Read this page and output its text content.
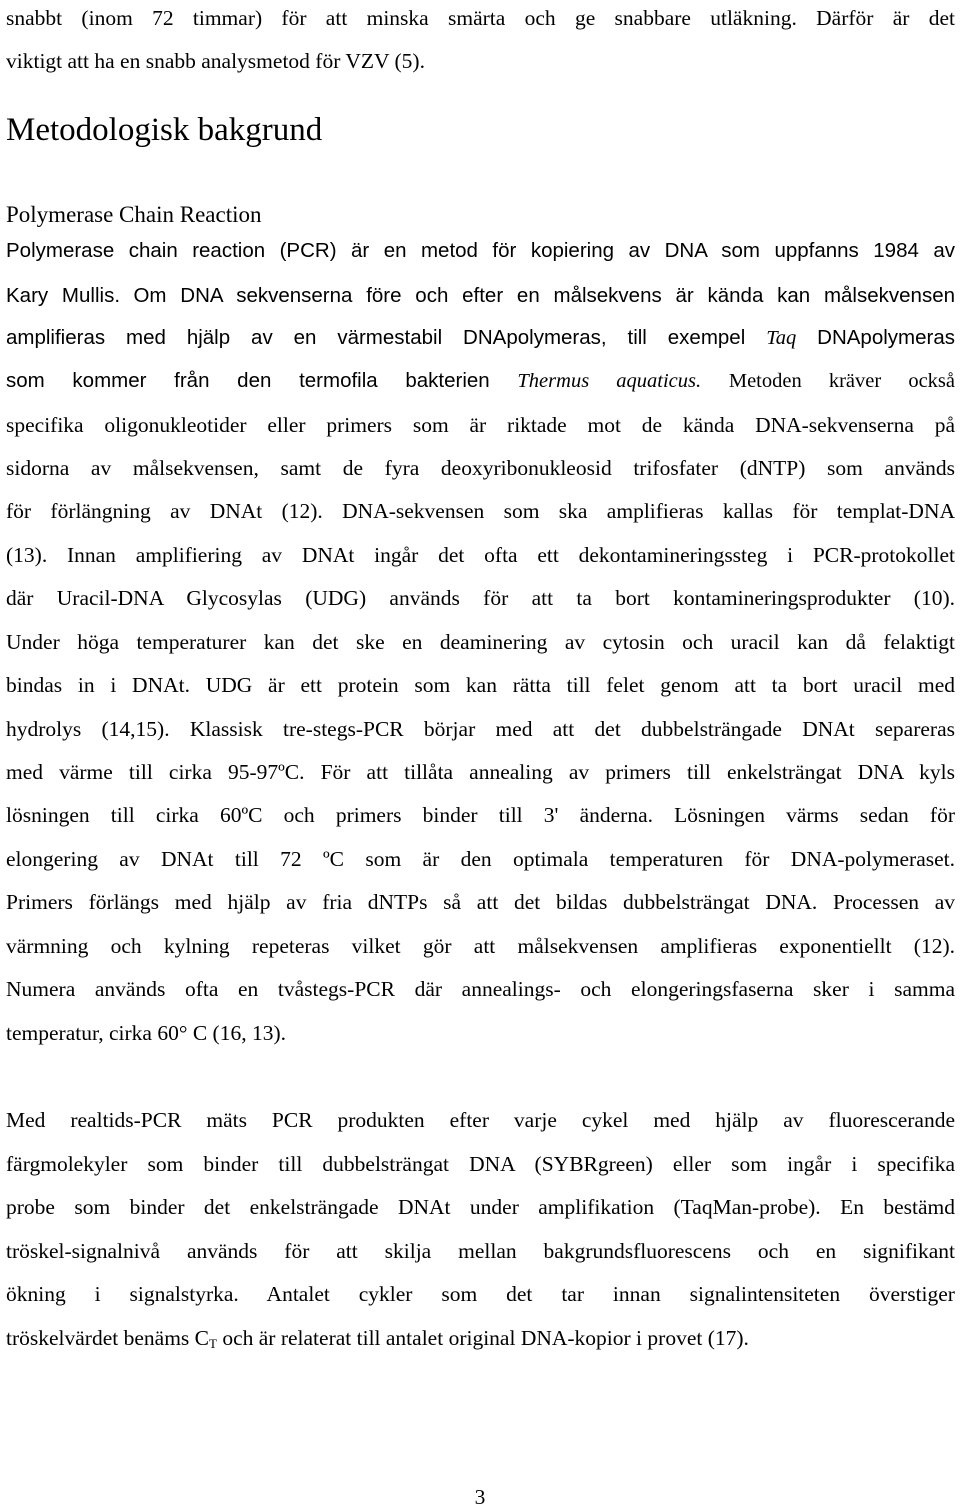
snabbt (inom 72 timmar) för att minska smärta och ge snabbare utläkning. Därför är det
viktigt att ha en snabb analysmetod för VZV (5).
Metodologisk bakgrund
Polymerase Chain Reaction
Polymerase chain reaction (PCR) är en metod för kopiering av DNA som uppfanns 1984 av
Kary Mullis. Om DNA sekvenserna före och efter en målsekvens är kända kan målsekvensen
amplifieras med hjälp av en värmestabil DNApolymeras, till exempel Taq DNApolymeras
som kommer från den termofila bakterien Thermus aquaticus. Metoden kräver också
specifika oligonukleotider eller primers som är riktade mot de kända DNA-sekvenserna på
sidorna av målsekvensen, samt de fyra deoxyribonukleosid trifosfater (dNTP) som används
för förlängning av DNAt (12). DNA-sekvensen som ska amplifieras kallas för templat-DNA
(13). Innan amplifiering av DNAt ingår det ofta ett dekontamineringssteg i PCR-protokollet
där Uracil-DNA Glycosylas (UDG) används för att ta bort kontamineringsprodukter (10).
Under höga temperaturer kan det ske en deaminering av cytosin och uracil kan då felaktigt
bindas in i DNAt. UDG är ett protein som kan rätta till felet genom att ta bort uracil med
hydrolys (14,15). Klassisk tre-stegs-PCR börjar med att det dubbelsträngade DNAt separeras
med värme till cirka 95-97ºC. För att tillåta annealing av primers till enkelsträngat DNA kyls
lösningen till cirka 60ºC och primers binder till 3' änderna. Lösningen värms sedan för
elongering av DNAt till 72 ºC som är den optimala temperaturen för DNA-polymeraset.
Primers förlängs med hjälp av fria dNTPs så att det bildas dubbelsträngat DNA. Processen av
värmning och kylning repeteras vilket gör att målsekvensen amplifieras exponentiellt (12).
Numera används ofta en tvåstegs-PCR där annealings- och elongeringsfaserna sker i samma
temperatur, cirka 60° C (16, 13).
Med realtids-PCR mäts PCR produkten efter varje cykel med hjälp av fluorescerande
färgmolekyler som binder till dubbelsträngat DNA (SYBRgreen) eller som ingår i specifika
probe som binder det enkelsträngade DNAt under amplifikation (TaqMan-probe). En bestämd
tröskel-signalnivå används för att skilja mellan bakgrundsfluorescens och en signifikant
ökning i signalstyrka. Antalet cykler som det tar innan signalintensiteten överstiger
tröskelvärdet benäms $C_T$ och är relaterat till antalet original DNA-kopior i provet (17).
3
